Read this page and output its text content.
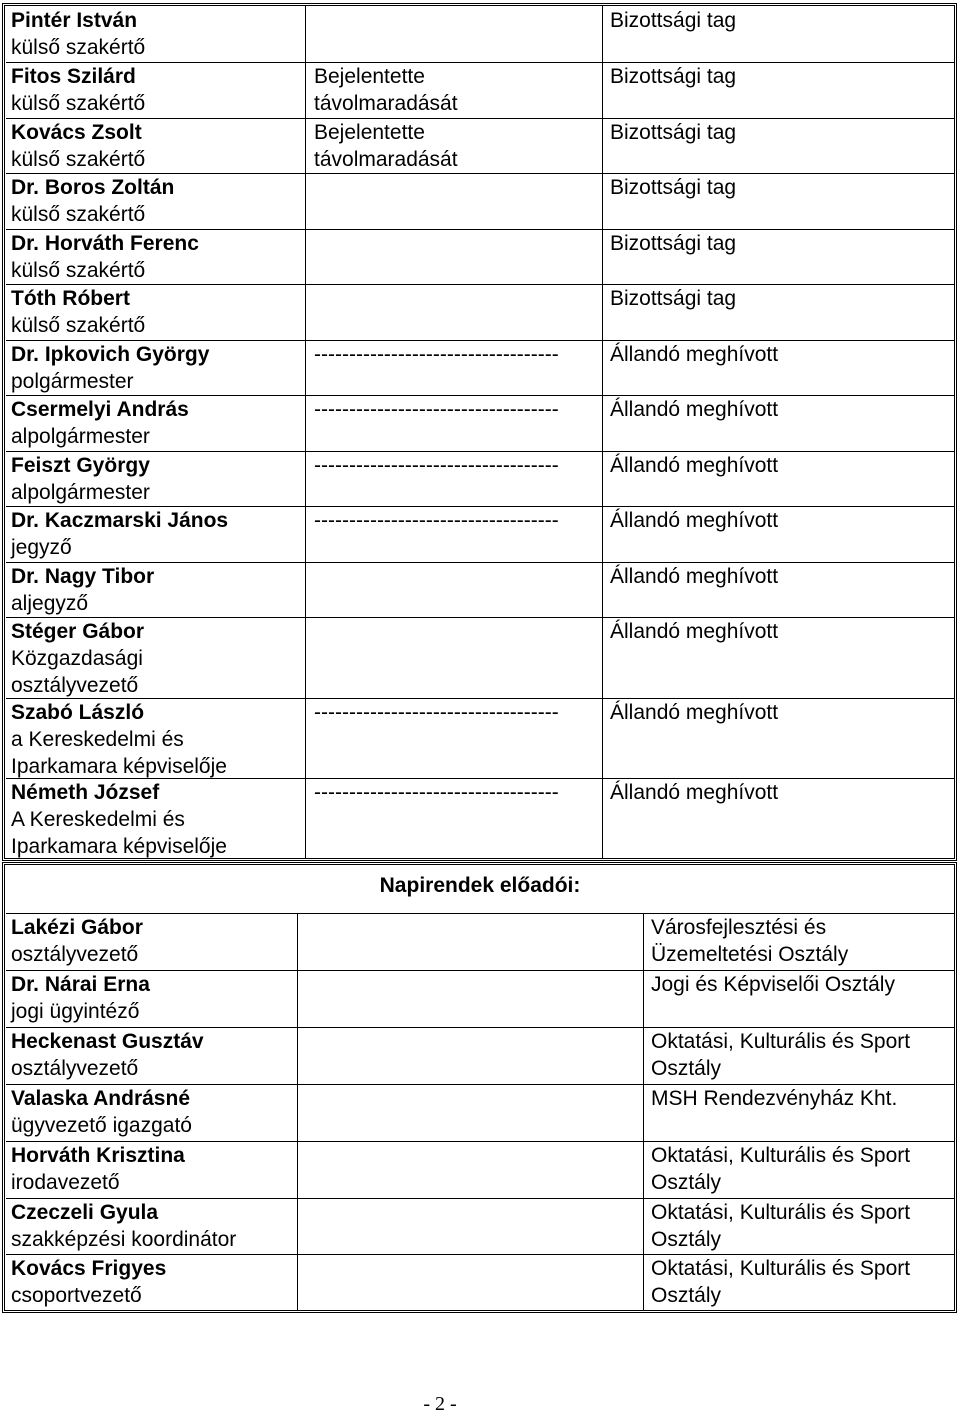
Pintér István
külső szakértő
Bizottsági tag
Fitos Szilárd
külső szakértő
Bejelentette
távolmaradását
Bizottsági tag
Kovács Zsolt
külső szakértő
Bejelentette
távolmaradását
Bizottsági tag
Dr. Boros Zoltán
külső szakértő
Bizottsági tag
Dr. Horváth Ferenc
külső szakértő
Bizottsági tag
Tóth Róbert
külső szakértő
Bizottsági tag
Dr. Ipkovich György
polgármester
----------------------------------- Állandó meghívott
Csermelyi András
alpolgármester
----------------------------------- Állandó meghívott
Feiszt György
alpolgármester
----------------------------------- Állandó meghívott
Dr. Kaczmarski János
jegyző
----------------------------------- Állandó meghívott
Dr. Nagy Tibor
aljegyző
Állandó meghívott
Stéger Gábor
Közgazdasági osztályvezető
Állandó meghívott
Szabó László
a Kereskedelmi és Iparkamara képviselője
----------------------------------- Állandó meghívott
Németh József
A Kereskedelmi és Iparkamara képviselője
----------------------------------- Állandó meghívott
Lakézi Gábor
osztályvezető
Városfejlesztési és Üzemeltetési Osztály
Dr. Nárai Erna
jogi ügyintéző
Jogi és Képviselői Osztály
Heckenast Gusztáv
osztályvezető
Oktatási, Kulturális és Sport Osztály
Valaska Andrásné
ügyvezető igazgató
MSH Rendezvényház Kht.
Horváth Krisztina
irodavezető
Oktatási, Kulturális és Sport Osztály
Czeczeli Gyula
szakképzési koordinátor
Oktatási, Kulturális és Sport Osztály
Kovács Frigyes
csoportvezető
Oktatási, Kulturális és Sport Osztály
Napirendek előadói:
- 2 -
